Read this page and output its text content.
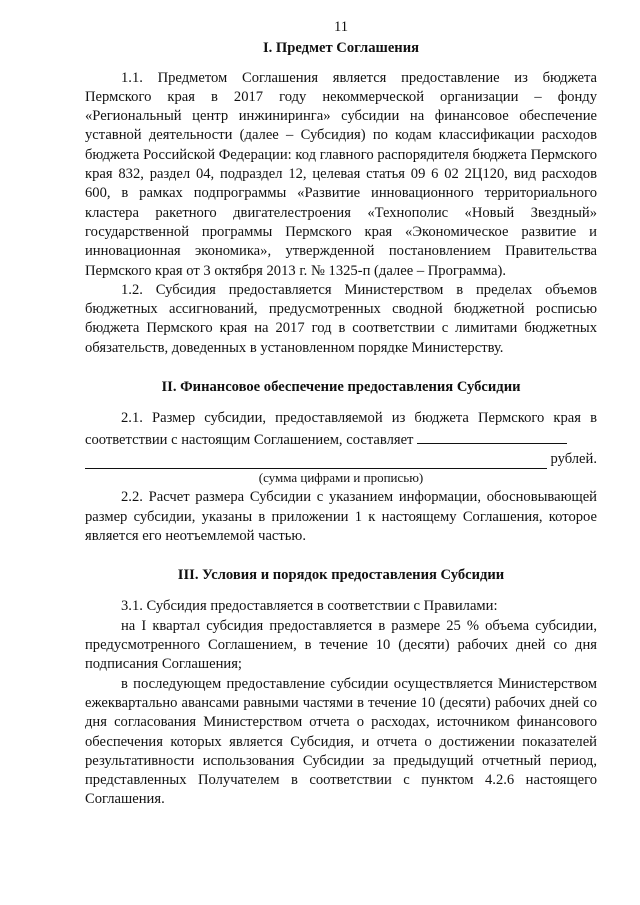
11
I. Предмет Соглашения

1.1. Предметом Соглашения является предоставление из бюджета Пермского края в 2017 году некоммерческой организации – фонду «Региональный центр инжиниринга» субсидии на финансовое обеспечение уставной деятельности (далее – Субсидия) по кодам классификации расходов бюджета Российской Федерации: код главного распорядителя бюджета Пермского края 832, раздел 04, подраздел 12, целевая статья 09 6 02 2Ц120, вид расходов 600, в рамках подпрограммы «Развитие инновационного территориального кластера ракетного двигателестроения «Технополис «Новый Звездный» государственной программы Пермского края «Экономическое развитие и инновационная экономика», утвержденной постановлением Правительства Пермского края от 3 октября 2013 г. № 1325-п (далее – Программа).

1.2. Субсидия предоставляется Министерством в пределах объемов бюджетных ассигнований, предусмотренных сводной бюджетной росписью бюджета Пермского края на 2017 год в соответствии с лимитами бюджетных обязательств, доведенных в установленном порядке Министерству.

II. Финансовое обеспечение предоставления Субсидии

2.1. Размер субсидии, предоставляемой из бюджета Пермского края в соответствии с настоящим Соглашением, составляет

рублей.
(сумма цифрами и прописью)

2.2. Расчет размера Субсидии с указанием информации, обосновывающей размер субсидии, указаны в приложении 1 к настоящему Соглашения, которое является его неотъемлемой частью.

III. Условия и порядок предоставления Субсидии

3.1. Субсидия предоставляется в соответствии с Правилами:

на I квартал субсидия предоставляется в размере 25 % объема субсидии, предусмотренного Соглашением, в течение 10 (десяти) рабочих дней со дня подписания Соглашения;

в последующем предоставление субсидии осуществляется Министерством ежеквартально авансами равными частями в течение 10 (десяти) рабочих дней со дня согласования Министерством отчета о расходах, источником финансового обеспечения которых является Субсидия, и отчета о достижении показателей результативности использования Субсидии за предыдущий отчетный период, представленных Получателем в соответствии с пунктом 4.2.6 настоящего Соглашения.
